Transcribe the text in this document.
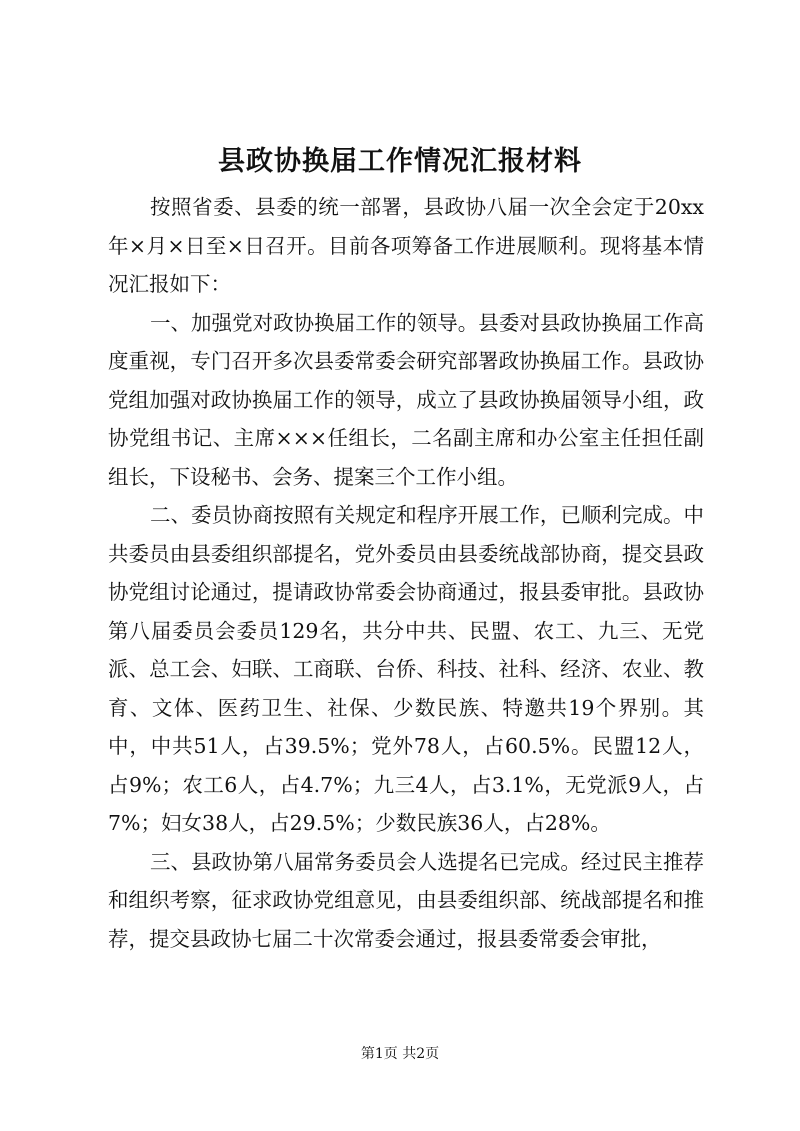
县政协换届工作情况汇报材料

按照省委、县委的统一部署，县政协八届一次全会定于20xx年×月×日至×日召开。目前各项筹备工作进展顺利。现将基本情况汇报如下：

一、加强党对政协换届工作的领导。县委对县政协换届工作高度重视，专门召开多次县委常委会研究部署政协换届工作。县政协党组加强对政协换届工作的领导，成立了县政协换届领导小组，政协党组书记、主席×××任组长，二名副主席和办公室主任担任副组长，下设秘书、会务、提案三个工作小组。

二、委员协商按照有关规定和程序开展工作，已顺利完成。中共委员由县委组织部提名，党外委员由县委统战部协商，提交县政协党组讨论通过，提请政协常委会协商通过，报县委审批。县政协第八届委员会委员129名，共分中共、民盟、农工、九三、无党派、总工会、妇联、工商联、台侨、科技、社科、经济、农业、教育、文体、医药卫生、社保、少数民族、特邀共19个界别。其中，中共51人，占39.5%；党外78人，占60.5%。民盟12人，占9%；农工6人，占4.7%；九三4人，占3.1%，无党派9人，占7%；妇女38人，占29.5%；少数民族36人，占28%。

三、县政协第八届常务委员会人选提名已完成。经过民主推荐和组织考察，征求政协党组意见，由县委组织部、统战部提名和推荐，提交县政协七届二十次常委会通过，报县委常委会审批，

第1页 共2页
